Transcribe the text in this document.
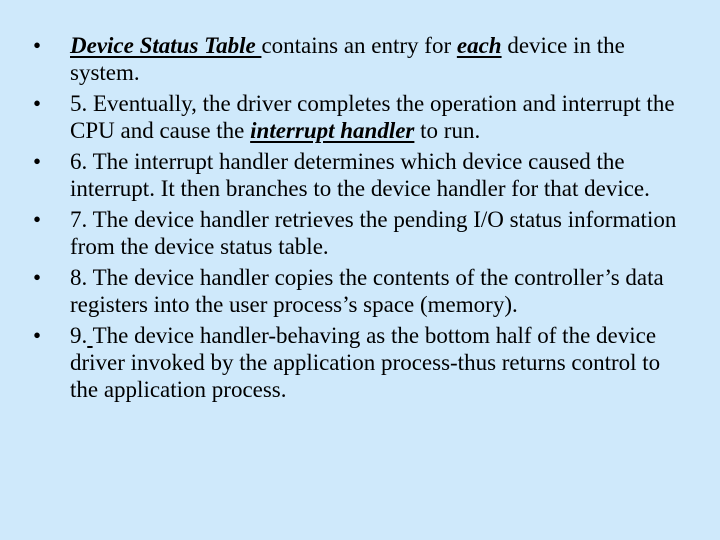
• Device Status Table contains an entry for each device in the system.
• 5. Eventually, the driver completes the operation and interrupt the CPU and cause the interrupt handler to run.
• 6. The interrupt handler determines which device caused the interrupt. It then branches to the device handler for that device.
• 7. The device handler retrieves the pending I/O status information from the device status table.
• 8. The device handler copies the contents of the controller’s data registers into the user process’s space (memory).
• 9. The device handler-behaving as the bottom half of the device driver invoked by the application process-thus returns control to the application process.
